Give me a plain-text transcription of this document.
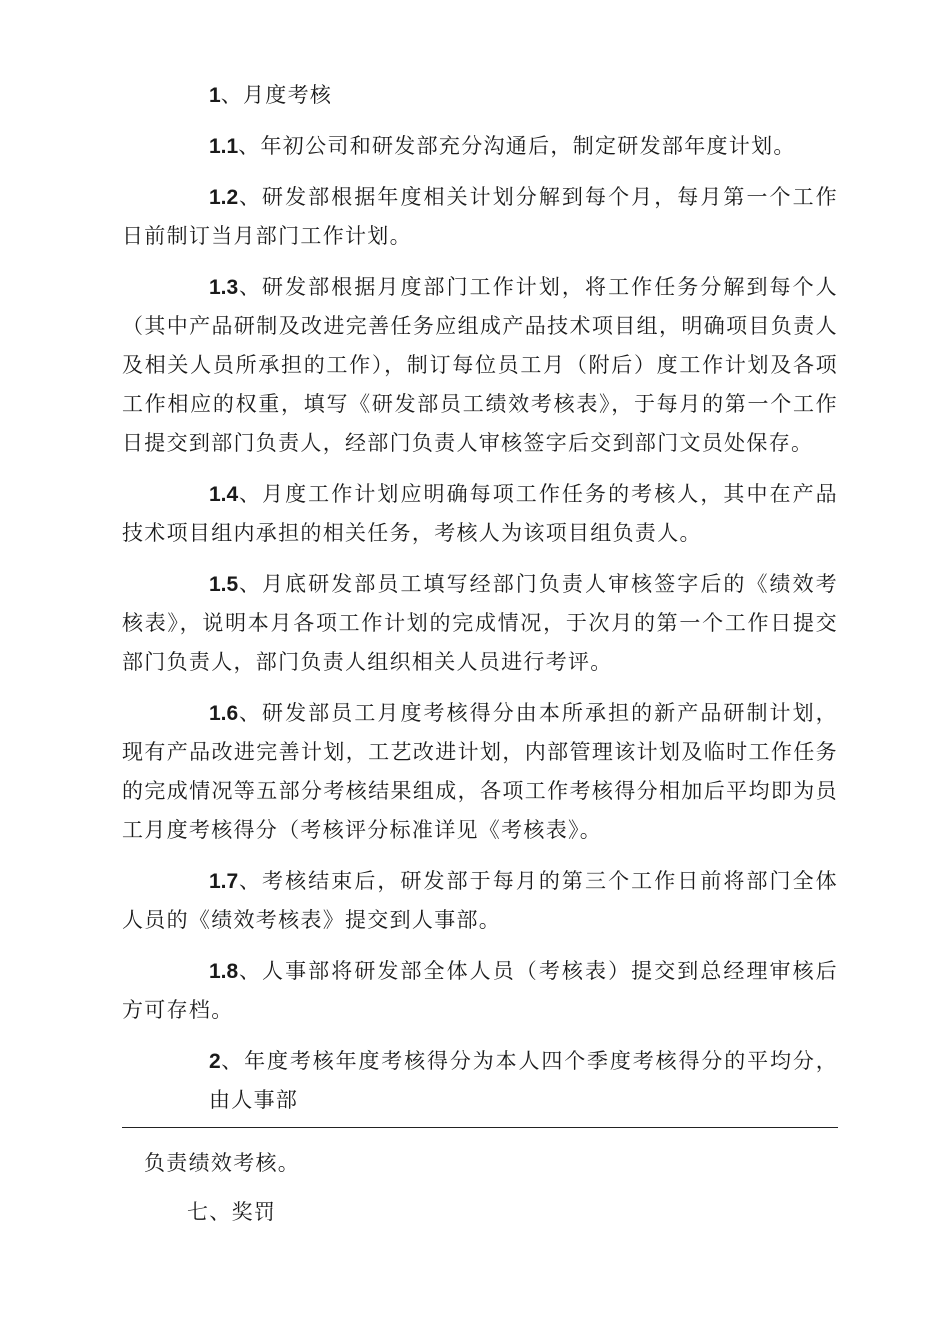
1、月度考核

1.1、年初公司和研发部充分沟通后，制定研发部年度计划。

1.2、研发部根据年度相关计划分解到每个月，每月第一个工作日前制订当月部门工作计划。

1.3、研发部根据月度部门工作计划，将工作任务分解到每个人（其中产品研制及改进完善任务应组成产品技术项目组，明确项目负责人及相关人员所承担的工作），制订每位员工月（附后）度工作计划及各项工作相应的权重，填写《研发部员工绩效考核表》，于每月的第一个工作日提交到部门负责人，经部门负责人审核签字后交到部门文员处保存。

1.4、月度工作计划应明确每项工作任务的考核人，其中在产品技术项目组内承担的相关任务，考核人为该项目组负责人。

1.5、月底研发部员工填写经部门负责人审核签字后的《绩效考核表》，说明本月各项工作计划的完成情况，于次月的第一个工作日提交部门负责人，部门负责人组织相关人员进行考评。

1.6、研发部员工月度考核得分由本所承担的新产品研制计划，现有产品改进完善计划，工艺改进计划，内部管理该计划及临时工作任务的完成情况等五部分考核结果组成，各项工作考核得分相加后平均即为员工月度考核得分（考核评分标准详见《考核表》。

1.7、考核结束后，研发部于每月的第三个工作日前将部门全体人员的《绩效考核表》提交到人事部。

1.8、人事部将研发部全体人员（考核表）提交到总经理审核后方可存档。

2、年度考核年度考核得分为本人四个季度考核得分的平均分，由人事部

负责绩效考核。

七、奖罚
